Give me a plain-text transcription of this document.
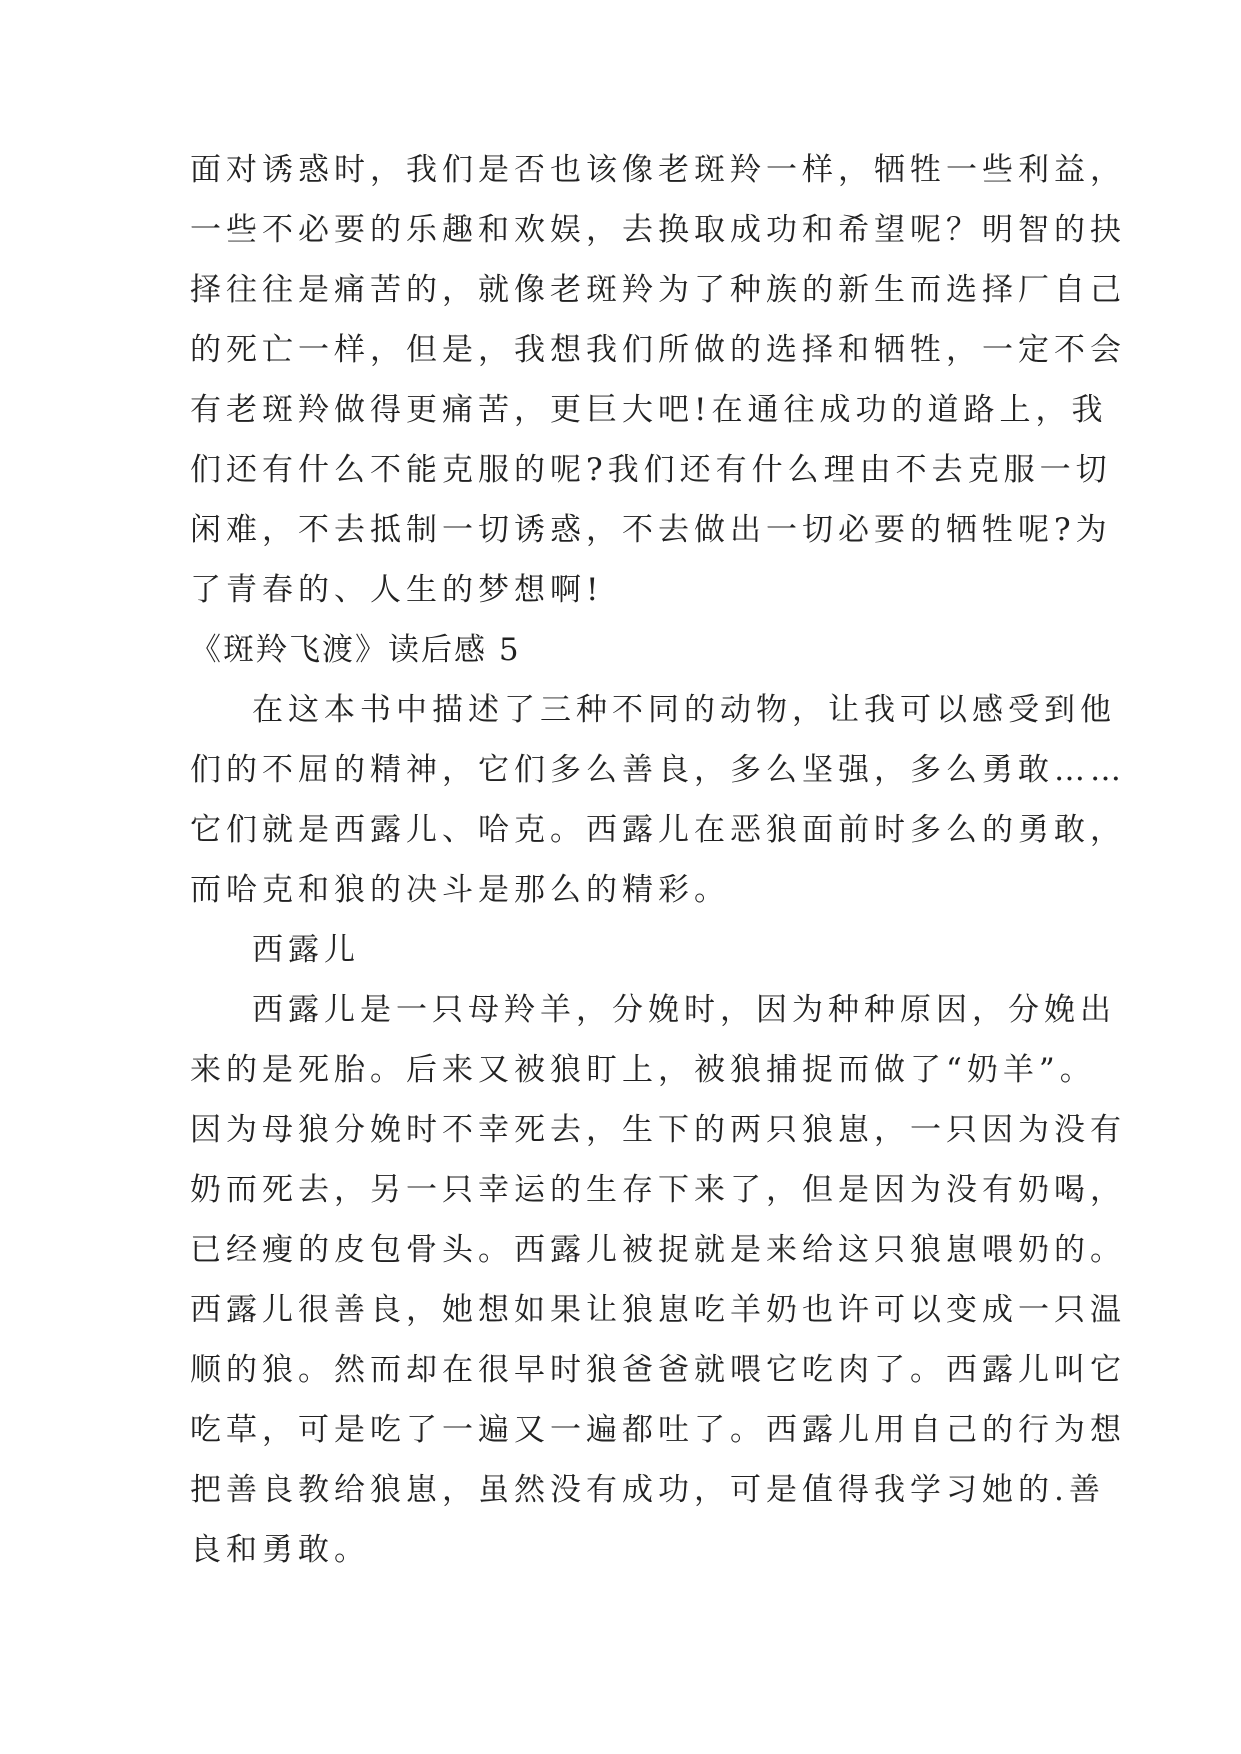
面对诱惑时，我们是否也该像老斑羚一样，牺牲一些利益，
一些不必要的乐趣和欢娱，去换取成功和希望呢？明智的抉
择往往是痛苦的，就像老斑羚为了种族的新生而选择厂自己
的死亡一样，但是，我想我们所做的选择和牺牲，一定不会
有老斑羚做得更痛苦，更巨大吧!在通往成功的道路上，我
们还有什么不能克服的呢?我们还有什么理由不去克服一切
闲难，不去抵制一切诱惑，不去做出一切必要的牺牲呢?为
了青春的、人生的梦想啊!
《斑羚飞渡》读后感 5
在这本书中描述了三种不同的动物，让我可以感受到他
们的不屈的精神，它们多么善良，多么坚强，多么勇敢……
它们就是西露儿、哈克。西露儿在恶狼面前时多么的勇敢，
而哈克和狼的决斗是那么的精彩。
西露儿
西露儿是一只母羚羊，分娩时，因为种种原因，分娩出
来的是死胎。后来又被狼盯上，被狼捕捉而做了“奶羊”。
因为母狼分娩时不幸死去，生下的两只狼崽，一只因为没有
奶而死去，另一只幸运的生存下来了，但是因为没有奶喝，
已经瘦的皮包骨头。西露儿被捉就是来给这只狼崽喂奶的。
西露儿很善良，她想如果让狼崽吃羊奶也许可以变成一只温
顺的狼。然而却在很早时狼爸爸就喂它吃肉了。西露儿叫它
吃草，可是吃了一遍又一遍都吐了。西露儿用自己的行为想
把善良教给狼崽，虽然没有成功，可是值得我学习她的.善
良和勇敢。
